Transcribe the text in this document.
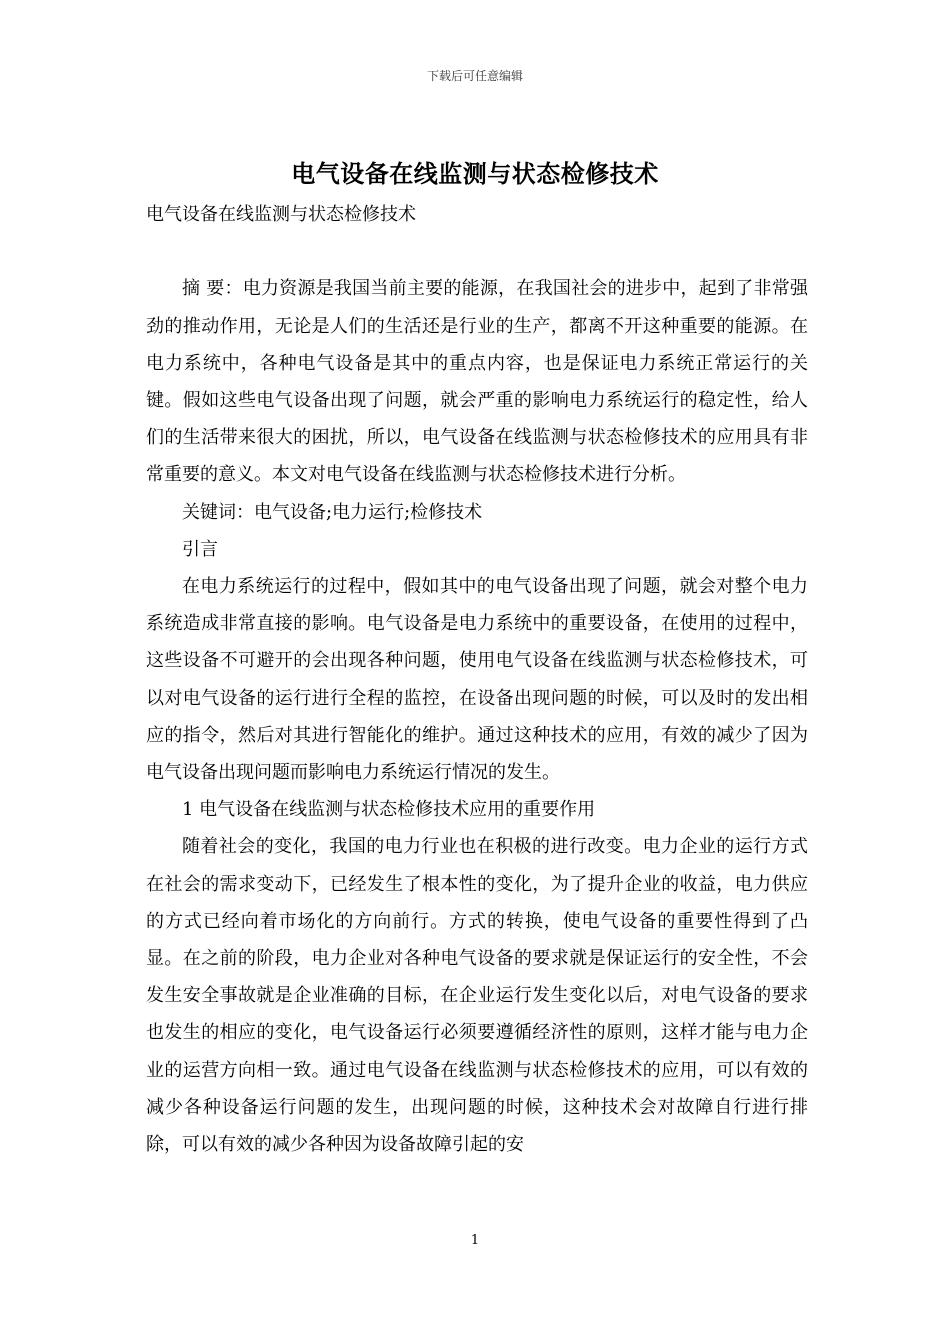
下载后可任意编辑
电气设备在线监测与状态检修技术

电气设备在线监测与状态检修技术

摘 要：电力资源是我国当前主要的能源，在我国社会的进步中，起到了非常强劲的推动作用，无论是人们的生活还是行业的生产，都离不开这种重要的能源。在电力系统中，各种电气设备是其中的重点内容，也是保证电力系统正常运行的关键。假如这些电气设备出现了问题，就会严重的影响电力系统运行的稳定性，给人们的生活带来很大的困扰，所以，电气设备在线监测与状态检修技术的应用具有非常重要的意义。本文对电气设备在线监测与状态检修技术进行分析。

关键词：电气设备;电力运行;检修技术

引言

在电力系统运行的过程中，假如其中的电气设备出现了问题，就会对整个电力系统造成非常直接的影响。电气设备是电力系统中的重要设备，在使用的过程中，这些设备不可避开的会出现各种问题，使用电气设备在线监测与状态检修技术，可以对电气设备的运行进行全程的监控，在设备出现问题的时候，可以及时的发出相应的指令，然后对其进行智能化的维护。通过这种技术的应用，有效的减少了因为电气设备出现问题而影响电力系统运行情况的发生。

1 电气设备在线监测与状态检修技术应用的重要作用

随着社会的变化，我国的电力行业也在积极的进行改变。电力企业的运行方式在社会的需求变动下，已经发生了根本性的变化，为了提升企业的收益，电力供应的方式已经向着市场化的方向前行。方式的转换，使电气设备的重要性得到了凸显。在之前的阶段，电力企业对各种电气设备的要求就是保证运行的安全性，不会发生安全事故就是企业准确的目标，在企业运行发生变化以后，对电气设备的要求也发生的相应的变化，电气设备运行必须要遵循经济性的原则，这样才能与电力企业的运营方向相一致。通过电气设备在线监测与状态检修技术的应用，可以有效的减少各种设备运行问题的发生，出现问题的时候，这种技术会对故障自行进行排除，可以有效的减少各种因为设备故障引起的安

1
